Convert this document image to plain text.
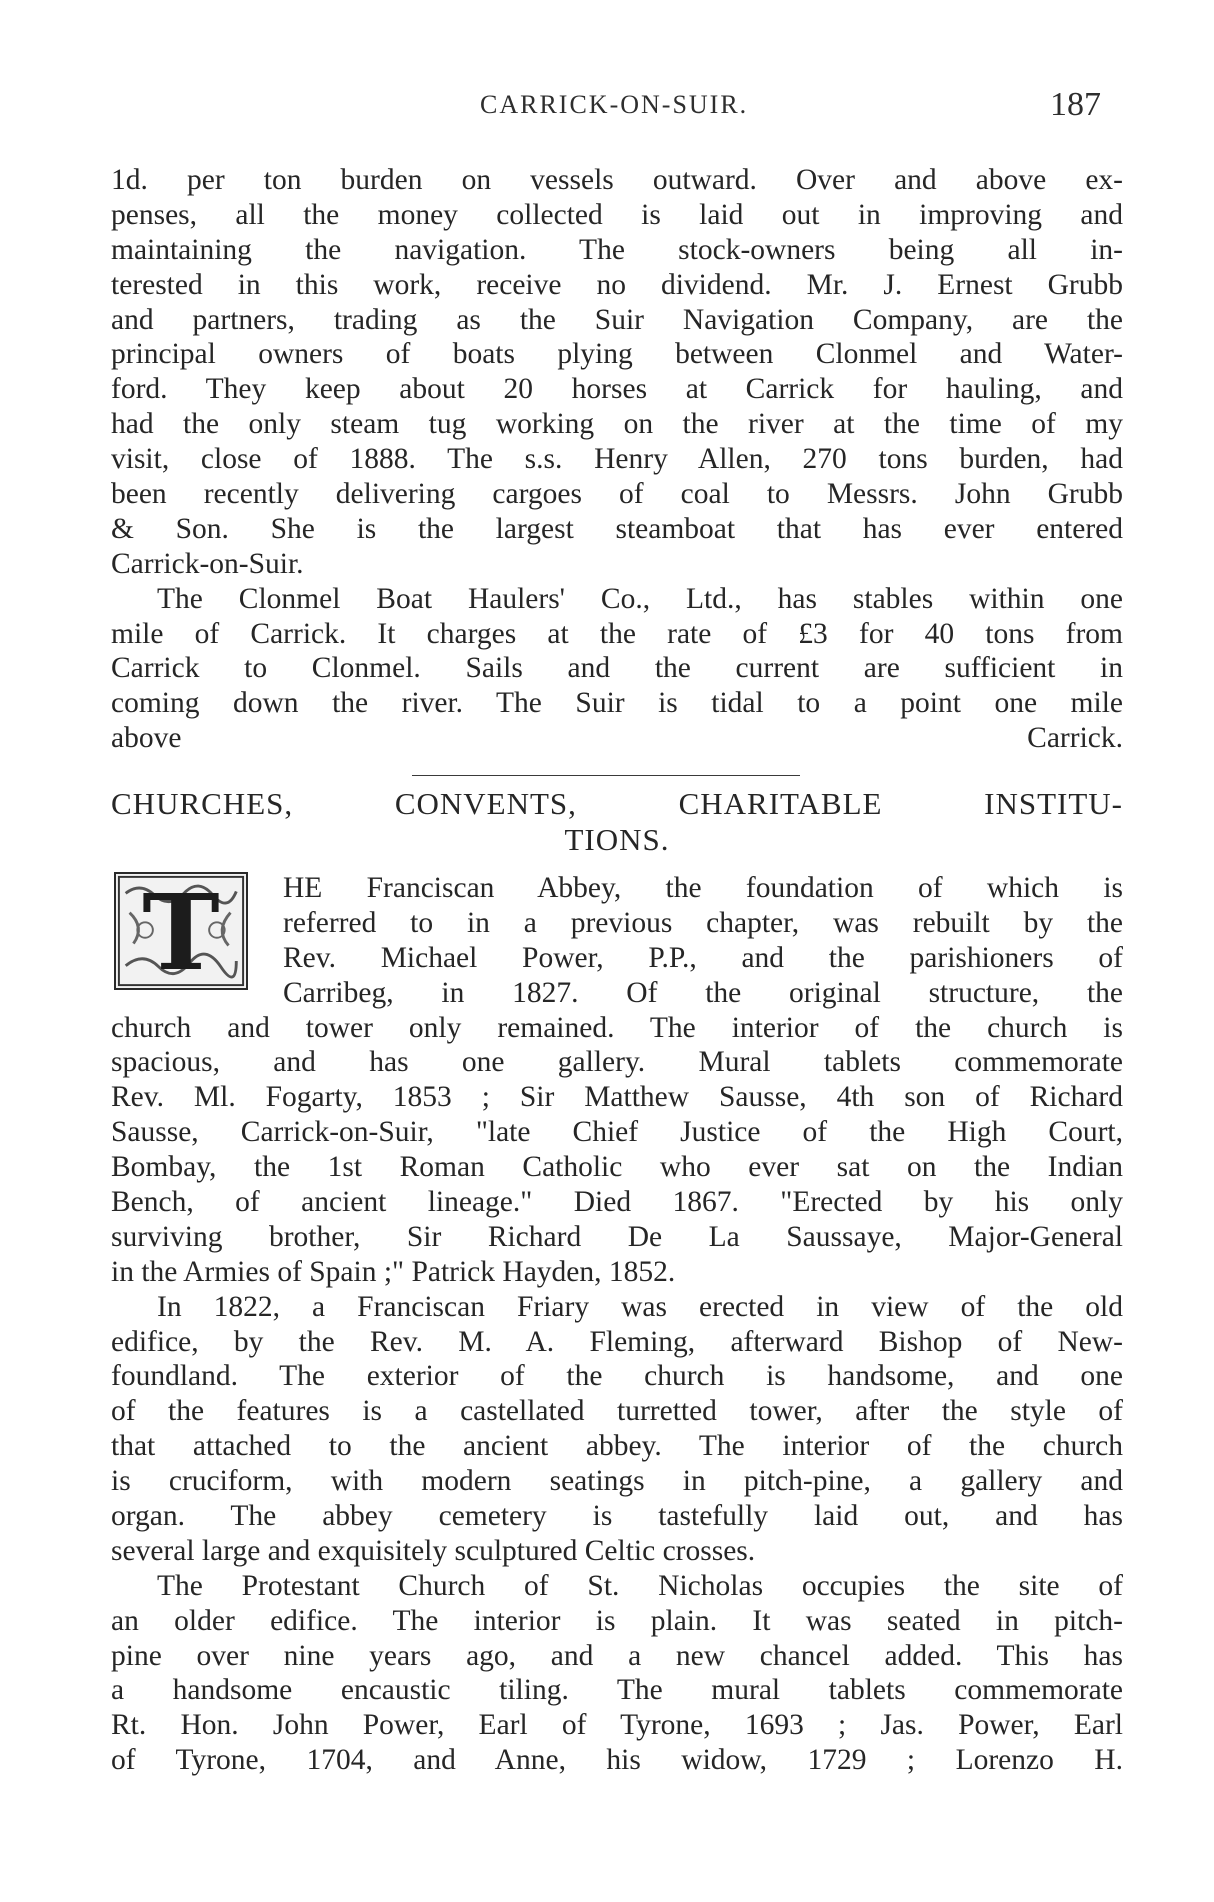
CARRICK-ON-SUIR.	187
1d. per ton burden on vessels outward. Over and above ex-
penses, all the money collected is laid out in improving and
maintaining the navigation. The stock-owners being all in-
terested in this work, receive no dividend. Mr. J. Ernest Grubb
and partners, trading as the Suir Navigation Company, are the
principal owners of boats plying between Clonmel and Water-
ford. They keep about 20 horses at Carrick for hauling, and
had the only steam tug working on the river at the time of my
visit, close of 1888. The s.s. Henry Allen, 270 tons burden, had
been recently delivering cargoes of coal to Messrs. John Grubb
& Son. She is the largest steamboat that has ever entered
Carrick-on-Suir.
The Clonmel Boat Haulers' Co., Ltd., has stables within one
mile of Carrick. It charges at the rate of £3 for 40 tons from
Carrick to Clonmel. Sails and the current are sufficient in
coming down the river. The Suir is tidal to a point one mile
above Carrick.
CHURCHES, CONVENTS, CHARITABLE INSTITU-
TIONS.
T	HE Franciscan Abbey, the foundation of which is
referred to in a previous chapter, was rebuilt by the
Rev. Michael Power, P.P., and the parishioners of
Carribeg, in 1827. Of the original structure, the
church and tower only remained. The interior of the church is
spacious, and has one gallery. Mural tablets commemorate
Rev. Ml. Fogarty, 1853 ; Sir Matthew Sausse, 4th son of Richard
Sausse, Carrick-on-Suir, "late Chief Justice of the High Court,
Bombay, the 1st Roman Catholic who ever sat on the Indian
Bench, of ancient lineage." Died 1867. "Erected by his only
surviving brother, Sir Richard De La Saussaye, Major-General
in the Armies of Spain ;" Patrick Hayden, 1852.
In 1822, a Franciscan Friary was erected in view of the old
edifice, by the Rev. M. A. Fleming, afterward Bishop of New-
foundland. The exterior of the church is handsome, and one
of the features is a castellated turretted tower, after the style of
that attached to the ancient abbey. The interior of the church
is cruciform, with modern seatings in pitch-pine, a gallery and
organ. The abbey cemetery is tastefully laid out, and has
several large and exquisitely sculptured Celtic crosses.
The Protestant Church of St. Nicholas occupies the site of
an older edifice. The interior is plain. It was seated in pitch-
pine over nine years ago, and a new chancel added. This has
a handsome encaustic tiling. The mural tablets commemorate
Rt. Hon. John Power, Earl of Tyrone, 1693 ; Jas. Power, Earl
of Tyrone, 1704, and Anne, his widow, 1729 ; Lorenzo H.
